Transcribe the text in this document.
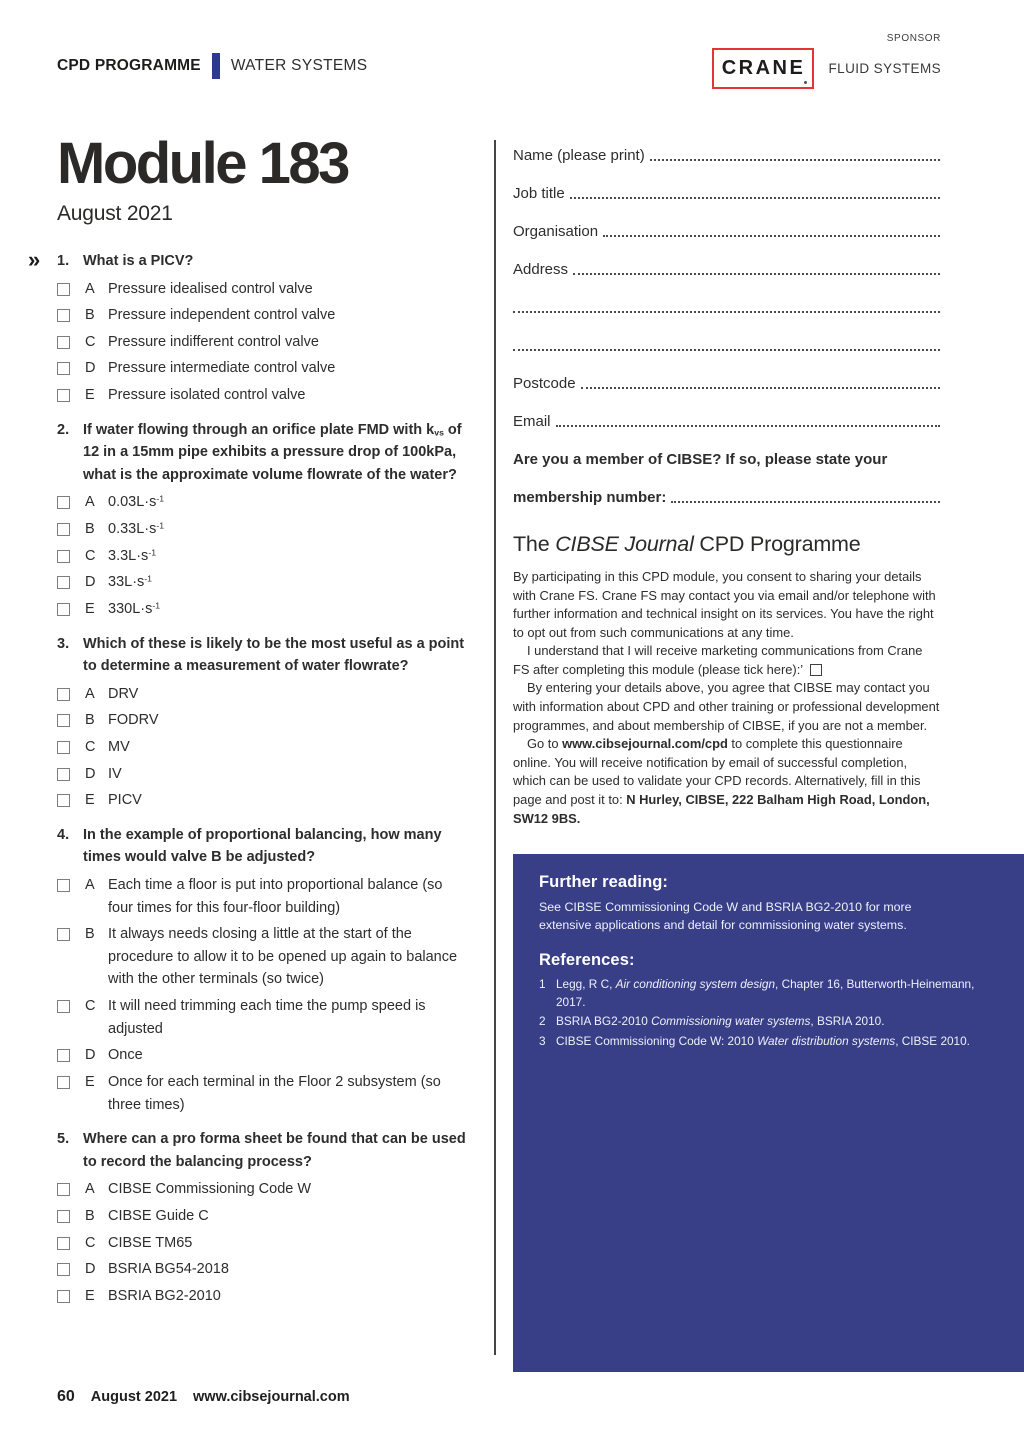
CPD PROGRAMME WATER SYSTEMS
SPONSOR
CRANE FLUID SYSTEMS
Module 183
August 2021
» 1. What is a PICV?
A Pressure idealised control valve
B Pressure independent control valve
C Pressure indifferent control valve
D Pressure intermediate control valve
E Pressure isolated control valve
2. If water flowing through an orifice plate FMD with $k_{vs}$ of 12 in a 15mm pipe exhibits a pressure drop of 100kPa, what is the approximate volume flowrate of the water?
A $0.03L\cdot s^{-1}$
B $0.33L\cdot s^{-1}$
C $3.3L\cdot s^{-1}$
D $33L\cdot s^{-1}$
E $330L\cdot s^{-1}$
3. Which of these is likely to be the most useful as a point to determine a measurement of water flowrate?
A DRV
B FODRV
C MV
D IV
E PICV
4. In the example of proportional balancing, how many times would valve B be adjusted?
A Each time a floor is put into proportional balance (so four times for this four-floor building)
B It always needs closing a little at the start of the procedure to allow it to be opened up again to balance with the other terminals (so twice)
C It will need trimming each time the pump speed is adjusted
D Once
E Once for each terminal in the Floor 2 subsystem (so three times)
5. Where can a pro forma sheet be found that can be used to record the balancing process?
A CIBSE Commissioning Code W
B CIBSE Guide C
C CIBSE TM65
D BSRIA BG54-2018
E BSRIA BG2-2010
Name (please print)
Job title
Organisation
Address
Postcode
Email
Are you a member of CIBSE? If so, please state your
membership number:
The CIBSE Journal CPD Programme

By participating in this CPD module, you consent to sharing your details with Crane FS. Crane FS may contact you via email and/or telephone with further information and technical insight on its services. You have the right to opt out from such communications at any time.

I understand that I will receive marketing communications from Crane FS after completing this module (please tick here):’

By entering your details above, you agree that CIBSE may contact you with information about CPD and other training or professional development programmes, and about membership of CIBSE, if you are not a member.

Go to www.cibsejournal.com/cpd to complete this questionnaire online. You will receive notification by email of successful completion, which can be used to validate your CPD records. Alternatively, fill in this page and post it to: N Hurley, CIBSE, 222 Balham High Road, London, SW12 9BS.

Further reading:
See CIBSE Commissioning Code W and BSRIA BG2-2010 for more extensive applications and detail for commissioning water systems.
References:
1 Legg, R C, Air conditioning system design, Chapter 16, Butterworth-Heinemann, 2017.
2 BSRIA BG2-2010 Commissioning water systems, BSRIA 2010.
3 CIBSE Commissioning Code W: 2010 Water distribution systems, CIBSE 2010.
60 August 2021 www.cibsejournal.com
